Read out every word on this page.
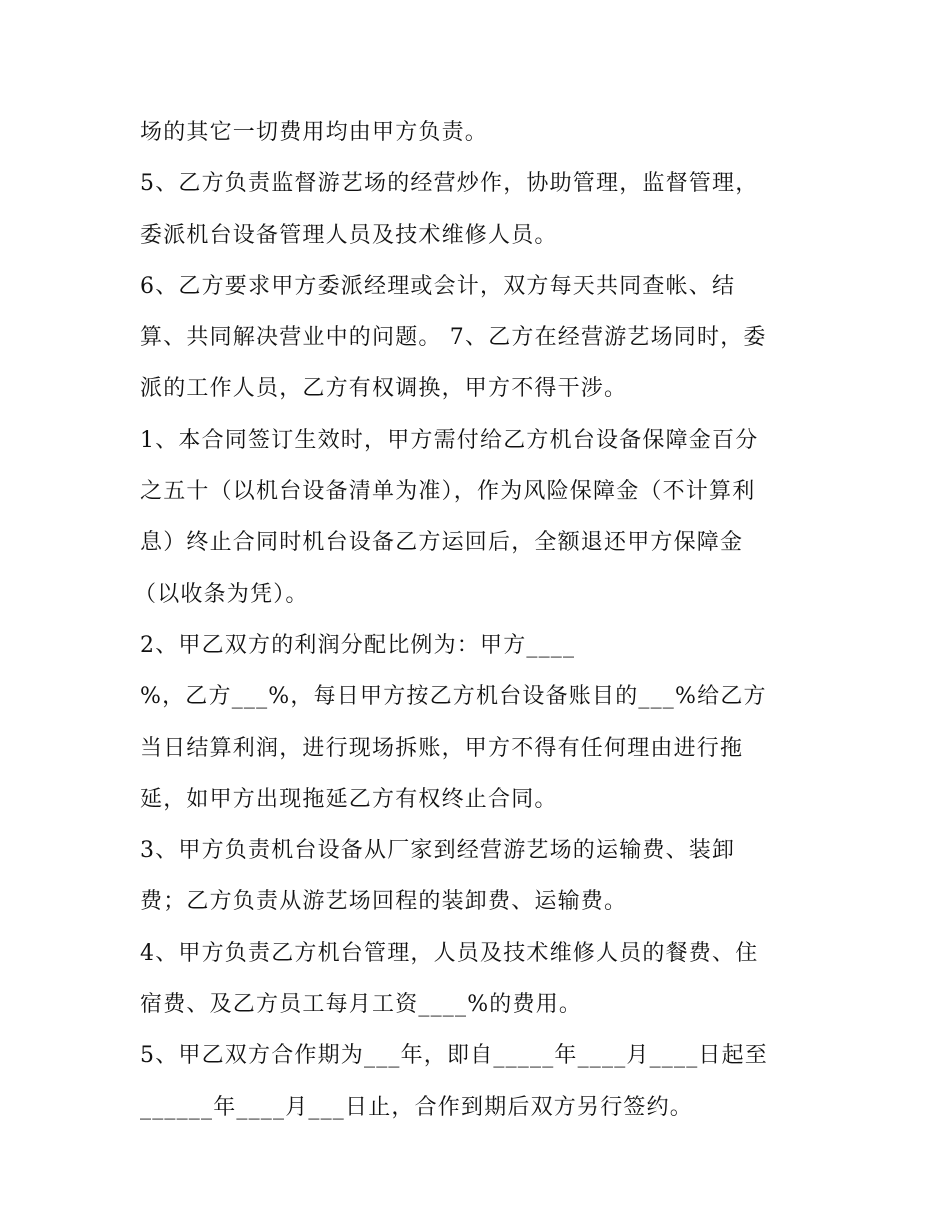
场的其它一切费用均由甲方负责。
5、乙方负责监督游艺场的经营炒作，协助管理，监督管理，
委派机台设备管理人员及技术维修人员。
6、乙方要求甲方委派经理或会计，双方每天共同查帐、结
算、共同解决营业中的问题。 7、乙方在经营游艺场同时，委
派的工作人员，乙方有权调换，甲方不得干涉。
1、本合同签订生效时，甲方需付给乙方机台设备保障金百分
之五十（以机台设备清单为准），作为风险保障金（不计算利
息）终止合同时机台设备乙方运回后，全额退还甲方保障金
（以收条为凭）。
2、甲乙双方的利润分配比例为：甲方____
%，乙方___%，每日甲方按乙方机台设备账目的___%给乙方
当日结算利润，进行现场拆账，甲方不得有任何理由进行拖
延，如甲方出现拖延乙方有权终止合同。
3、甲方负责机台设备从厂家到经营游艺场的运输费、装卸
费；乙方负责从游艺场回程的装卸费、运输费。
4、甲方负责乙方机台管理，人员及技术维修人员的餐费、住
宿费、及乙方员工每月工资____%的费用。
5、甲乙双方合作期为___年，即自_____年____月____日起至
______年____月___日止，合作到期后双方另行签约。
